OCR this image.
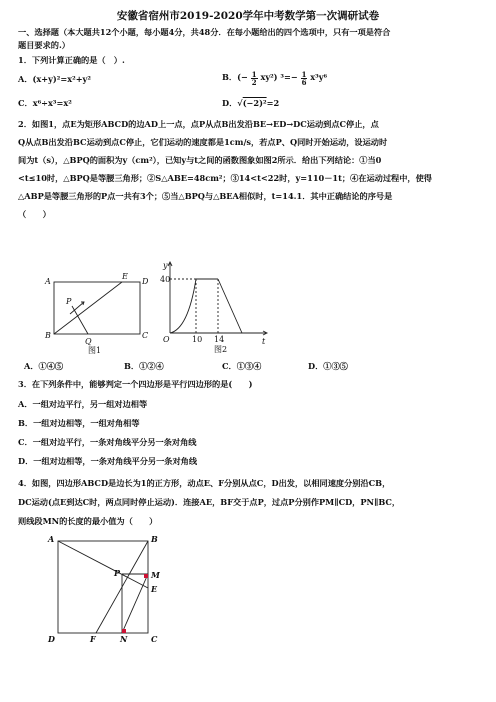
安徽省宿州市2019-2020学年中考数学第一次调研试卷
一、选择题（本大题共12个小题，每小题4分，共48分．在每小题给出的四个选项中，只有一项是符合
题目要求的.）
1．下列计算正确的是（　）.
A．(x+y)²=x²+y²	B．(− $\frac{1}{2} xy^2$) $^3=- \frac{1}{6} x^3y^6$
C．x⁶÷x³=x²	D．√(−2)²=2
2．如图1，点E为矩形ABCD的边AD上一点，点P从点B出发沿BE→ED→DC运动到点C停止，点
Q从点B出发沿BC运动到点C停止，它们运动的速度都是1cm/s，若点P、Q同时开始运动，设运动时
间为t（s），△BPQ的面积为y（cm²），已知y与t之间的函数图象如图2所示．给出下列结论：①当0
<t≤10时，△BPQ是等腰三角形；②S△ABE=48cm²；③14<t<22时，y=110－1t；④在运动过程中，使得
△ABP是等腰三角形的P点一共有3个；⑤当△BPQ与△BEA相似时，t=14.1．其中正确结论的序号是
（　　）
A
E
D
B	C
P
Q
图1
y
t
O
40
10 14
图2
A．①④⑤	B．①②④	C．①③④	D．①③⑤
3．在下列条件中，能够判定一个四边形是平行四边形的是(　　)
A．一组对边平行，另一组对边相等
B．一组对边相等，一组对角相等
C．一组对边平行，一条对角线平分另一条对角线
D．一组对边相等，一条对角线平分另一条对角线
4．如图，四边形ABCD是边长为1的正方形，动点E、F分别从点C，D出发，以相同速度分别沿CB，
DC运动(点E到达C时，两点同时停止运动)．连接AE，BF交于点P，过点P分别作PM∥CD，PN∥BC，
则线段MN的长度的最小值为（　　）
A	B
C
D
E
F
M
N
P
